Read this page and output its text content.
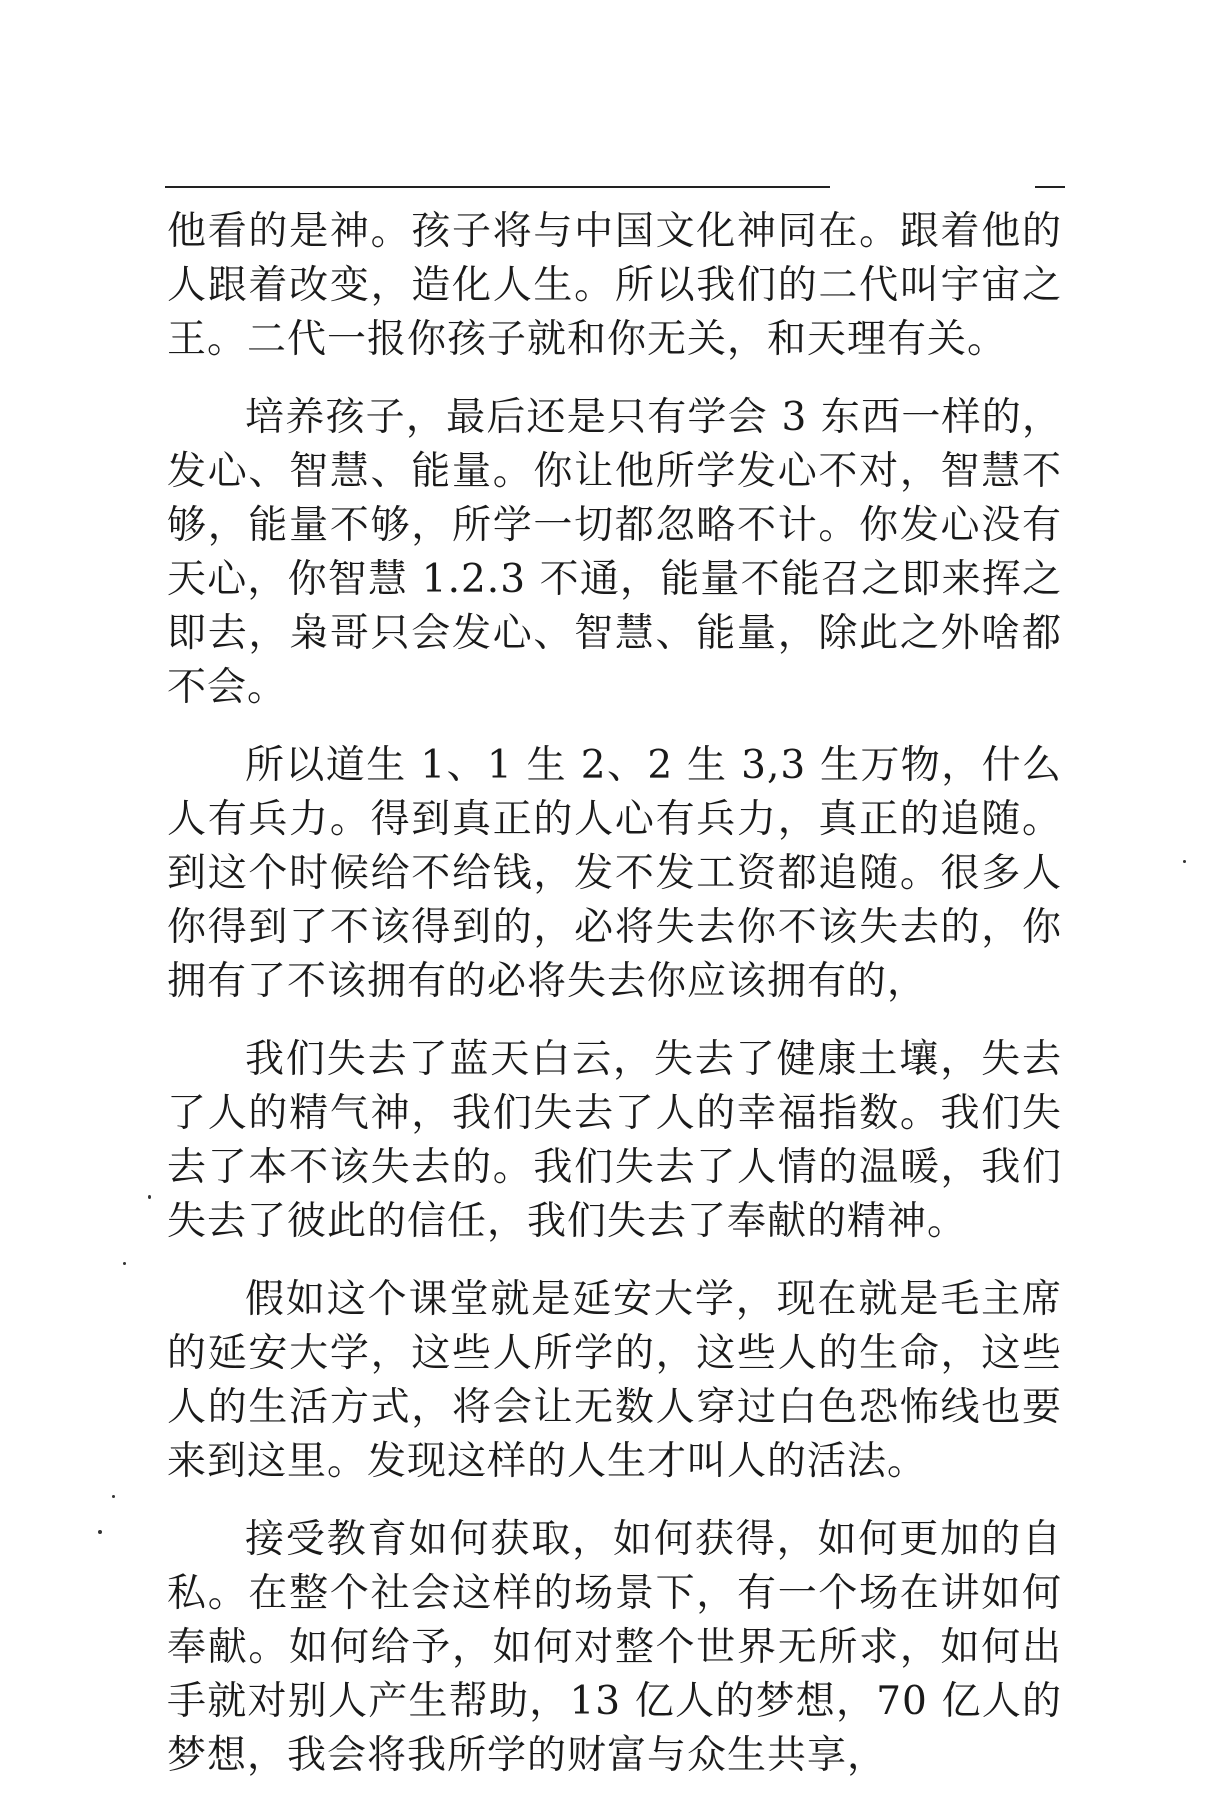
他看的是神。孩子将与中国文化神同在。跟着他的人跟着改变，造化人生。所以我们的二代叫宇宙之王。二代一报你孩子就和你无关，和天理有关。

培养孩子，最后还是只有学会 3 东西一样的，发心、智慧、能量。你让他所学发心不对，智慧不够，能量不够，所学一切都忽略不计。你发心没有天心，你智慧 1.2.3 不通，能量不能召之即来挥之即去，枭哥只会发心、智慧、能量，除此之外啥都不会。

所以道生 1、1 生 2、2 生 3,3 生万物，什么人有兵力。得到真正的人心有兵力，真正的追随。到这个时候给不给钱，发不发工资都追随。很多人你得到了不该得到的，必将失去你不该失去的，你拥有了不该拥有的必将失去你应该拥有的，

我们失去了蓝天白云，失去了健康土壤，失去了人的精气神，我们失去了人的幸福指数。我们失去了本不该失去的。我们失去了人情的温暖，我们失去了彼此的信任，我们失去了奉献的精神。

假如这个课堂就是延安大学，现在就是毛主席的延安大学，这些人所学的，这些人的生命，这些人的生活方式，将会让无数人穿过白色恐怖线也要来到这里。发现这样的人生才叫人的活法。

接受教育如何获取，如何获得，如何更加的自私。在整个社会这样的场景下，有一个场在讲如何奉献。如何给予，如何对整个世界无所求，如何出手就对别人产生帮助，13 亿人的梦想，70 亿人的梦想，我会将我所学的财富与众生共享，
